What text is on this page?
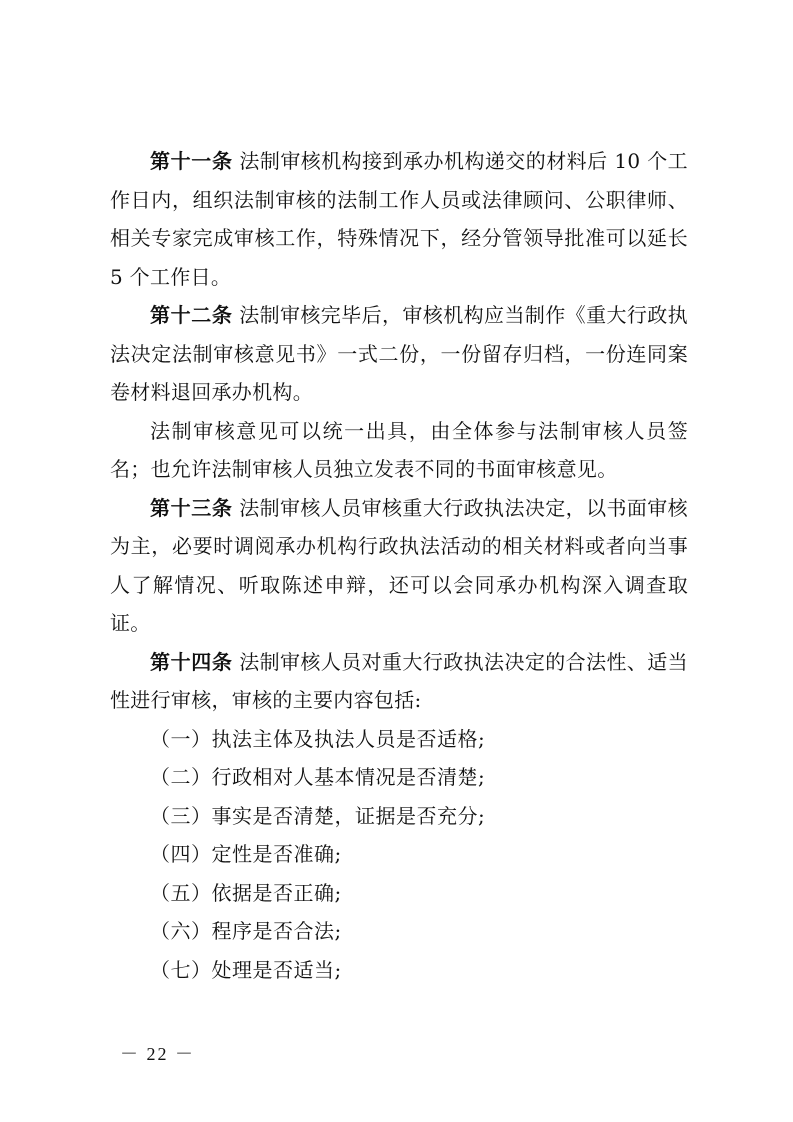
第十一条 法制审核机构接到承办机构递交的材料后 10 个工作日内，组织法制审核的法制工作人员或法律顾问、公职律师、相关专家完成审核工作，特殊情况下，经分管领导批准可以延长 5 个工作日。

第十二条 法制审核完毕后，审核机构应当制作《重大行政执法决定法制审核意见书》一式二份，一份留存归档，一份连同案卷材料退回承办机构。

法制审核意见可以统一出具，由全体参与法制审核人员签名；也允许法制审核人员独立发表不同的书面审核意见。

第十三条 法制审核人员审核重大行政执法决定，以书面审核为主，必要时调阅承办机构行政执法活动的相关材料或者向当事人了解情况、听取陈述申辩，还可以会同承办机构深入调查取证。

第十四条 法制审核人员对重大行政执法决定的合法性、适当性进行审核，审核的主要内容包括:

（一）执法主体及执法人员是否适格;

（二）行政相对人基本情况是否清楚;

（三）事实是否清楚，证据是否充分;

（四）定性是否准确;

（五）依据是否正确;

（六）程序是否合法;

（七）处理是否适当;

－ 22 －
